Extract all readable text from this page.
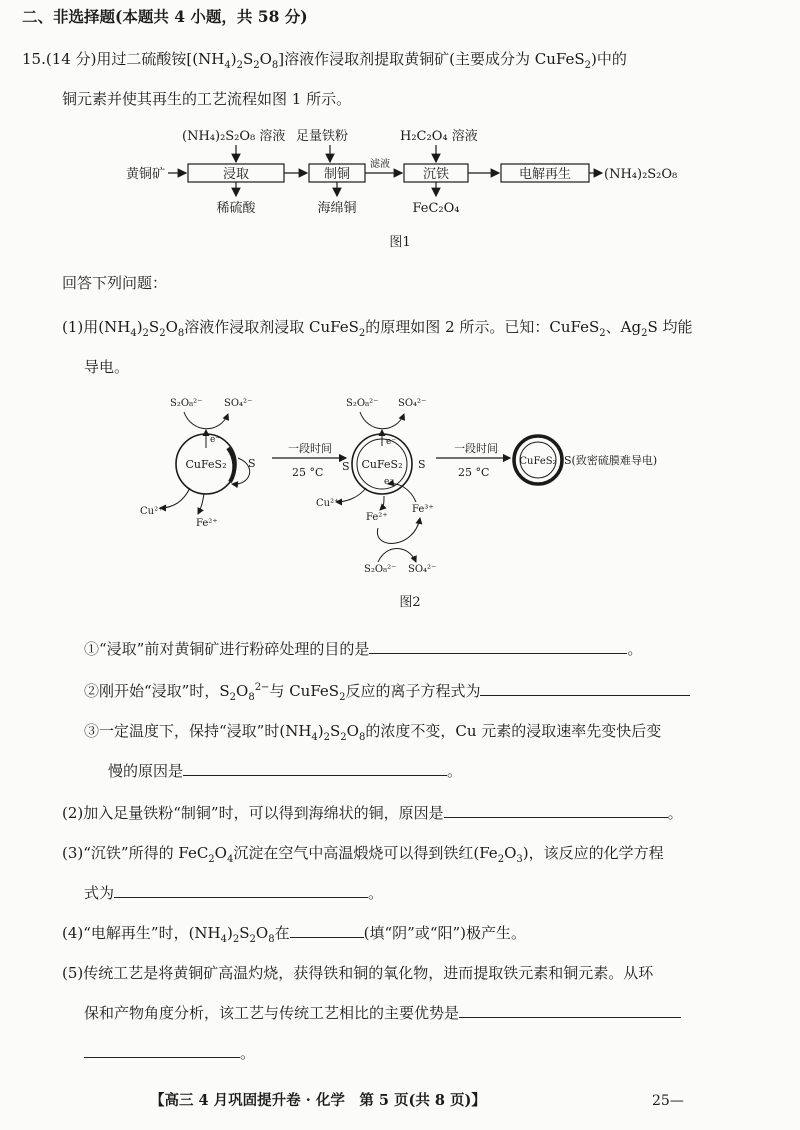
二、非选择题(本题共 4 小题，共 58 分)
15.(14 分)用过二硫酸铵$[(NH_4)_2S_2O_8]$溶液作浸取剂提取黄铜矿(主要成分为 CuFeS$_2$)中的
铜元素并使其再生的工艺流程如图 1 所示。
(NH₄)₂S₂O₈ 溶液 足量铁粉	H₂C₂O₄ 溶液
黄铜矿	浸取	制铜
滤液
沉铁	电解再生	(NH₄)₂S₂O₈
稀硫酸	海绵铜	FeC₂O₄
图1
回答下列问题：
(1)用$(NH_4)_2S_2O_8$溶液作浸取剂浸取 CuFeS$_2$的原理如图 2 所示。已知：CuFeS$_2$、$Ag_2S$ 均能
导电。
CuFeS₂ S
S₂O₈²⁻ SO₄²⁻
e⁻
Cu²⁺
Fe²⁺
一段时间
25 °C
CuFeS₂
S	S
S₂O₈²⁻ SO₄²⁻
e⁻
e⁻
Cu²⁺
Fe²⁺
Fe³⁺
S₂O₈²⁻ SO₄²⁻
一段时间
25 °C
CuFeS₂ S(致密硫膜难导电)
图2
①“浸取”前对黄铜矿进行粉碎处理的目的是	。
②刚开始“浸取”时，$S_2O_8^{2-}$与 CuFeS$_2$反应的离子方程式为
③一定温度下，保持“浸取”时$(NH_4)_2S_2O_8$的浓度不变，Cu 元素的浸取速率先变快后变
慢的原因是	。
(2)加入足量铁粉“制铜”时，可以得到海绵状的铜，原因是	。
(3)“沉铁”所得的 $FeC_2O_4$沉淀在空气中高温煅烧可以得到铁红$(Fe_2O_3)$，该反应的化学方程
式为	。
(4)“电解再生”时，$(NH_4)_2S_2O_8$在	(填“阴”或“阳”)极产生。
(5)传统工艺是将黄铜矿高温灼烧，获得铁和铜的氧化物，进而提取铁元素和铜元素。从环
保和产物角度分析，该工艺与传统工艺相比的主要优势是
。
【高三 4 月巩固提升卷 · 化学　第 5 页(共 8 页)】	25—
